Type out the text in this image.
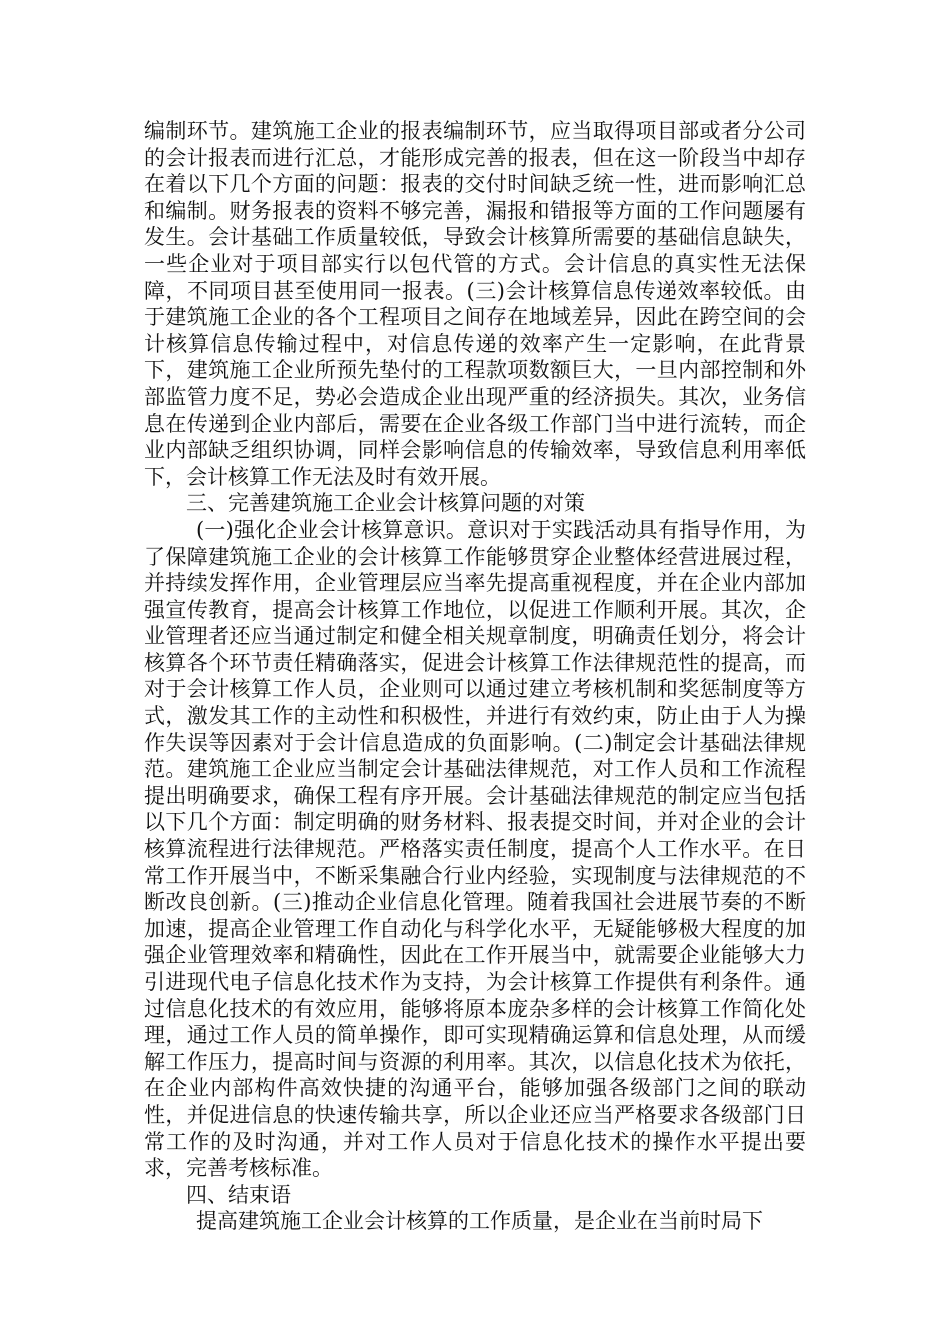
编制环节。建筑施工企业的报表编制环节，应当取得项目部或者分公司的会计报表而进行汇总，才能形成完善的报表，但在这一阶段当中却存在着以下几个方面的问题：报表的交付时间缺乏统一性，进而影响汇总和编制。财务报表的资料不够完善，漏报和错报等方面的工作问题屡有发生。会计基础工作质量较低，导致会计核算所需要的基础信息缺失，一些企业对于项目部实行以包代管的方式。会计信息的真实性无法保障，不同项目甚至使用同一报表。(三)会计核算信息传递效率较低。由于建筑施工企业的各个工程项目之间存在地域差异，因此在跨空间的会计核算信息传输过程中，对信息传递的效率产生一定影响，在此背景下，建筑施工企业所预先垫付的工程款项数额巨大，一旦内部控制和外部监管力度不足，势必会造成企业出现严重的经济损失。其次，业务信息在传递到企业内部后，需要在企业各级工作部门当中进行流转，而企业内部缺乏组织协调，同样会影响信息的传输效率，导致信息利用率低下，会计核算工作无法及时有效开展。

三、完善建筑施工企业会计核算问题的对策

(一)强化企业会计核算意识。意识对于实践活动具有指导作用，为了保障建筑施工企业的会计核算工作能够贯穿企业整体经营进展过程，并持续发挥作用，企业管理层应当率先提高重视程度，并在企业内部加强宣传教育，提高会计核算工作地位，以促进工作顺利开展。其次，企业管理者还应当通过制定和健全相关规章制度，明确责任划分，将会计核算各个环节责任精确落实，促进会计核算工作法律规范性的提高，而对于会计核算工作人员，企业则可以通过建立考核机制和奖惩制度等方式，激发其工作的主动性和积极性，并进行有效约束，防止由于人为操作失误等因素对于会计信息造成的负面影响。(二)制定会计基础法律规范。建筑施工企业应当制定会计基础法律规范，对工作人员和工作流程提出明确要求，确保工程有序开展。会计基础法律规范的制定应当包括以下几个方面：制定明确的财务材料、报表提交时间，并对企业的会计核算流程进行法律规范。严格落实责任制度，提高个人工作水平。在日常工作开展当中，不断采集融合行业内经验，实现制度与法律规范的不断改良创新。(三)推动企业信息化管理。随着我国社会进展节奏的不断加速，提高企业管理工作自动化与科学化水平，无疑能够极大程度的加强企业管理效率和精确性，因此在工作开展当中，就需要企业能够大力引进现代电子信息化技术作为支持，为会计核算工作提供有利条件。通过信息化技术的有效应用，能够将原本庞杂多样的会计核算工作简化处理，通过工作人员的简单操作，即可实现精确运算和信息处理，从而缓解工作压力，提高时间与资源的利用率。其次，以信息化技术为依托，在企业内部构件高效快捷的沟通平台，能够加强各级部门之间的联动性，并促进信息的快速传输共享，所以企业还应当严格要求各级部门日常工作的及时沟通，并对工作人员对于信息化技术的操作水平提出要求，完善考核标准。

四、结束语

提高建筑施工企业会计核算的工作质量，是企业在当前时局下
